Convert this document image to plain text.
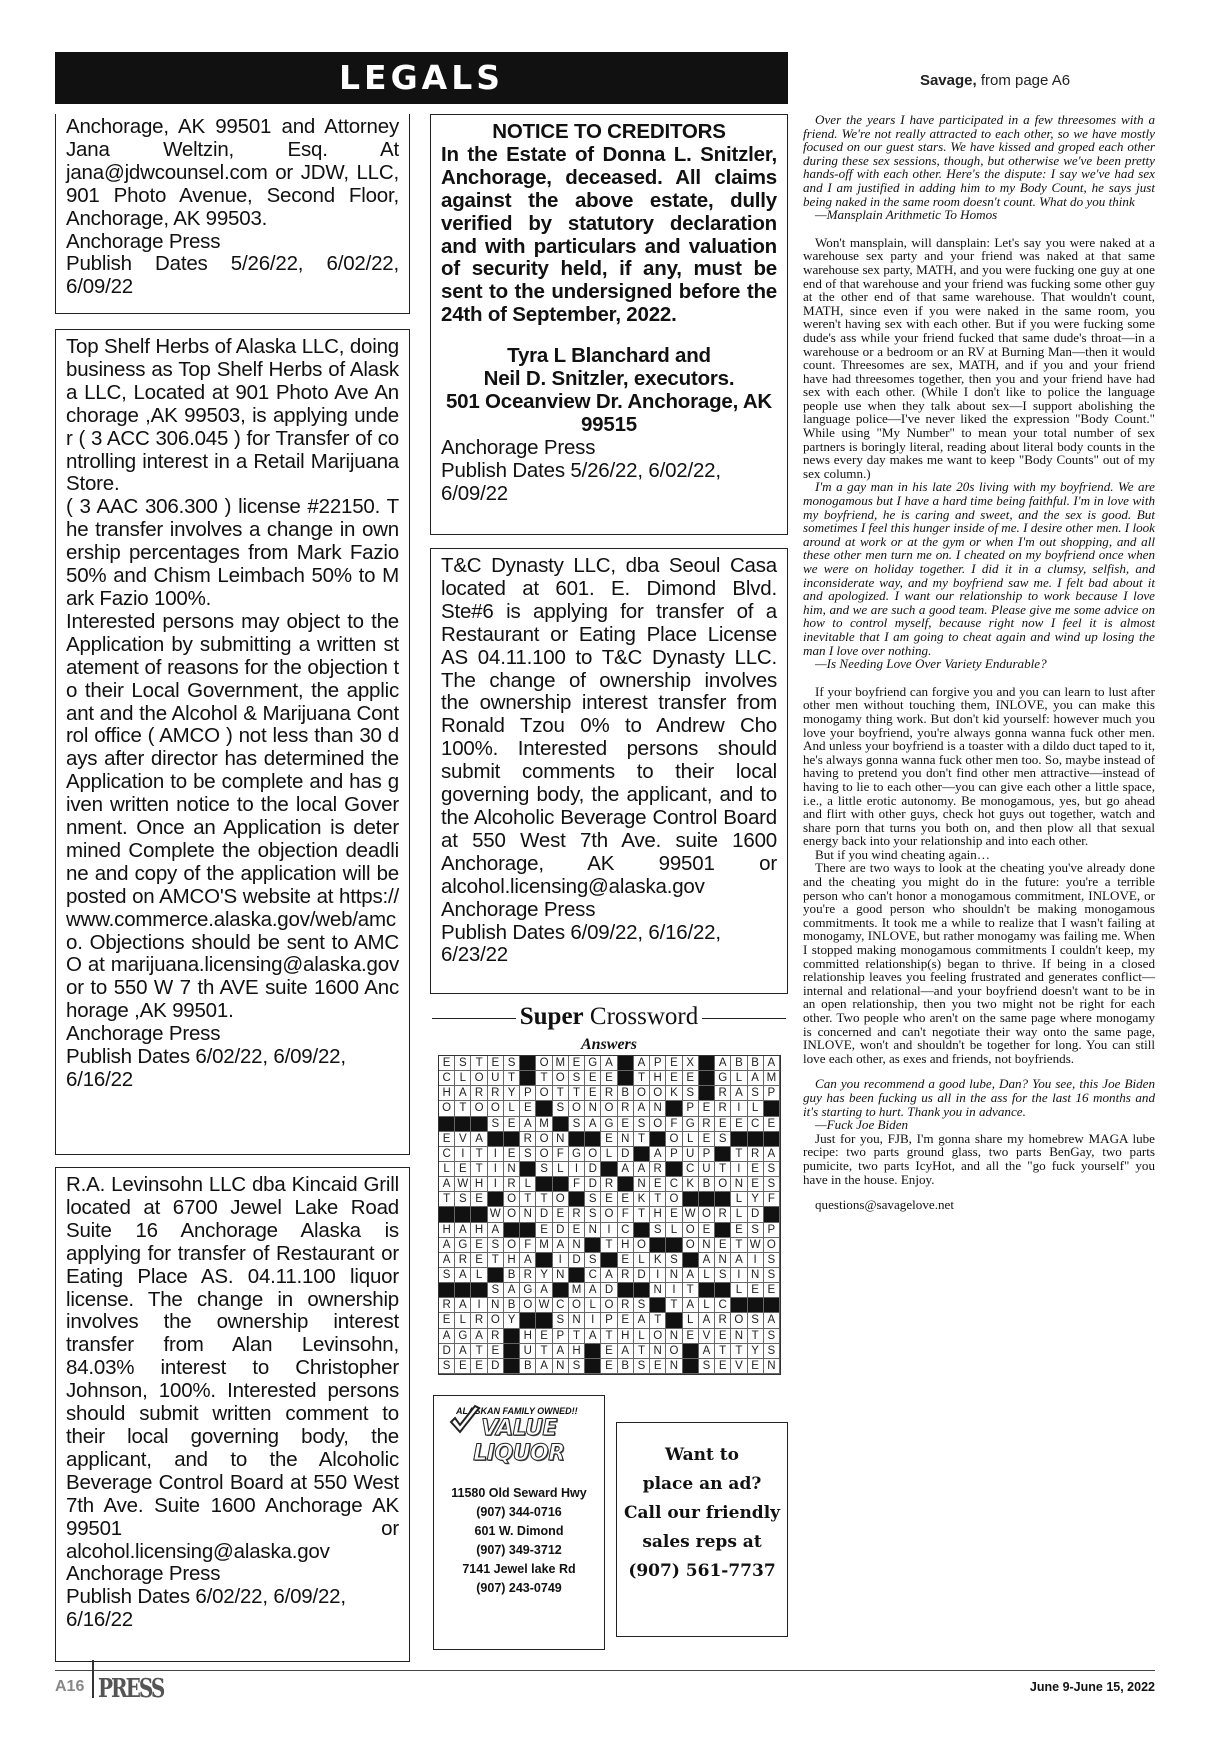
LEGALS	Savage, from page A6
Anchorage, AK 99501 and Attorney Jana Weltzin, Esq. At jana@jdwcounsel.com or JDW, LLC, 901 Photo Avenue, Second Floor, Anchorage, AK 99503.
Anchorage Press
Publish Dates 5/26/22, 6/02/22, 6/09/22
Top Shelf Herbs of Alaska LLC, doing business as Top Shelf Herbs of Alaska LLC, Located at 901 Photo Ave Anchorage ,AK 99503, is applying under ( 3 ACC 306.045 ) for Transfer of controlling interest in a Retail Marijuana Store.
( 3 AAC 306.300 ) license #22150. The transfer involves a change in ownership percentages from Mark Fazio 50% and Chism Leimbach 50% to Mark Fazio 100%.
Interested persons may object to the Application by submitting a written statement of reasons for the objection to their Local Government, the applicant and the Alcohol & Marijuana Control office ( AMCO ) not less than 30 days after director has determined the Application to be complete and has given written notice to the local Government. Once an Application is determined Complete the objection deadline and copy of the application will be posted on AMCO'S website at https://www.commerce.alaska.gov/web/amco. Objections should be sent to AMCO at marijuana.licensing@alaska.gov or to 550 W 7 th AVE suite 1600 Anchorage ,AK 99501.
Anchorage Press
Publish Dates 6/02/22, 6/09/22, 6/16/22
R.A. Levinsohn LLC dba Kincaid Grill located at 6700 Jewel Lake Road Suite 16 Anchorage Alaska is applying for transfer of Restaurant or Eating Place AS. 04.11.100 liquor license. The change in ownership involves the ownership interest transfer from Alan Levinsohn, 84.03% interest to Christopher Johnson, 100%. Interested persons should submit written comment to their local governing body, the applicant, and to the Alcoholic Beverage Control Board at 550 West 7th Ave. Suite 1600 Anchorage AK 99501 or alcohol.licensing@alaska.gov
Anchorage Press
Publish Dates 6/02/22, 6/09/22, 6/16/22
NOTICE TO CREDITORS
In the Estate of Donna L. Snitzler, Anchorage, deceased. All claims against the above estate, dully verified by statutory declaration and with particulars and valuation of security held, if any, must be sent to the undersigned before the 24th of September, 2022.
Tyra L Blanchard and
Neil D. Snitzler, executors.
501 Oceanview Dr. Anchorage, AK 99515
Anchorage Press
Publish Dates 5/26/22, 6/02/22, 6/09/22
T&C Dynasty LLC, dba Seoul Casa located at 601. E. Dimond Blvd. Ste#6 is applying for transfer of a Restaurant or Eating Place License AS 04.11.100 to T&C Dynasty LLC. The change of ownership involves the ownership interest transfer from Ronald Tzou 0% to Andrew Cho 100%. Interested persons should submit comments to their local governing body, the applicant, and to the Alcoholic Beverage Control Board at 550 West 7th Ave. suite 1600 Anchorage, AK 99501 or alcohol.licensing@alaska.gov
Anchorage Press
Publish Dates 6/09/22, 6/16/22, 6/23/22
Super Crossword
Answers
E S T E S	O M E G A	A P E X	A B B A
C L O U T	T O S E E	T H E E	G L A M
H A R R Y P O T T E R B O O K S	R A S P
O T O O L E	S O N O R A N	P E R I L
S E A M	S A G E S O F G R E E C E
E V A	R O N	E N T	O L E S
C I T I E S O F G O L D	A P U P	T R A
L E T I N	S L I D	A A R	C U T I E S
A W H I R L	F D R	N E C K B O N E S
T S E	O T T O	S E E K T O	L Y F
W O N D E R S O F T H E W O R L D
H A H A	E D E N I C	S L O E	E S P
A G E S O F M A N	T H O	O N E T W O
A R E T H A	I D S	E L K S	A N A I S
S A L	B R Y N	C A R D I N A L S I N S
S A G A	M A D	N I T	L E E
R A I N B O W C O L O R S	T A L C
E L R O Y	S N I P E A T	L A R O S A
A G A R	H E P T A T H L O N E V E N T S
D A T E	U T A H	E A T N O	A T T Y S
S E E D	B A N S	E B S E N	S E V E N
ALASKAN FAMILY OWNED!!
VALUE LIQUOR
11580 Old Seward Hwy
(907) 344-0716
601 W. Dimond
(907) 349-3712
7141 Jewel lake Rd
(907) 243-0749
Want to
place an ad?
Call our friendly
sales reps at
(907) 561-7737

Over the years I have participated in a few threesomes with a friend. We're not really attracted to each other, so we have mostly focused on our guest stars. We have kissed and groped each other during these sex sessions, though, but otherwise we've been pretty hands-off with each other. Here's the dispute: I say we've had sex and I am justified in adding him to my Body Count, he says just being naked in the same room doesn't count. What do you think

—Mansplain Arithmetic To Homos

Won't mansplain, will dansplain: Let's say you were naked at a warehouse sex party and your friend was naked at that same warehouse sex party, MATH, and you were fucking one guy at one end of that warehouse and your friend was fucking some other guy at the other end of that same warehouse. That wouldn't count, MATH, since even if you were naked in the same room, you weren't having sex with each other. But if you were fucking some dude's ass while your friend fucked that same dude's throat—in a warehouse or a bedroom or an RV at Burning Man—then it would count. Threesomes are sex, MATH, and if you and your friend have had threesomes together, then you and your friend have had sex with each other. (While I don't like to police the language people use when they talk about sex—I support abolishing the language police—I've never liked the expression "Body Count." While using "My Number" to mean your total number of sex partners is boringly literal, reading about literal body counts in the news every day makes me want to keep "Body Counts" out of my sex column.)

I'm a gay man in his late 20s living with my boyfriend. We are monogamous but I have a hard time being faithful. I'm in love with my boyfriend, he is caring and sweet, and the sex is good. But sometimes I feel this hunger inside of me. I desire other men. I look around at work or at the gym or when I'm out shopping, and all these other men turn me on. I cheated on my boyfriend once when we were on holiday together. I did it in a clumsy, selfish, and inconsiderate way, and my boyfriend saw me. I felt bad about it and apologized. I want our relationship to work because I love him, and we are such a good team. Please give me some advice on how to control myself, because right now I feel it is almost inevitable that I am going to cheat again and wind up losing the man I love over nothing.

—Is Needing Love Over Variety Endurable?

If your boyfriend can forgive you and you can learn to lust after other men without touching them, INLOVE, you can make this monogamy thing work. But don't kid yourself: however much you love your boyfriend, you're always gonna wanna fuck other men. And unless your boyfriend is a toaster with a dildo duct taped to it, he's always gonna wanna fuck other men too. So, maybe instead of having to pretend you don't find other men attractive—instead of having to lie to each other—you can give each other a little space, i.e., a little erotic autonomy. Be monogamous, yes, but go ahead and flirt with other guys, check hot guys out together, watch and share porn that turns you both on, and then plow all that sexual energy back into your relationship and into each other.

But if you wind cheating again…

There are two ways to look at the cheating you've already done and the cheating you might do in the future: you're a terrible person who can't honor a monogamous commitment, INLOVE, or you're a good person who shouldn't be making monogamous commitments. It took me a while to realize that I wasn't failing at monogamy, INLOVE, but rather monogamy was failing me. When I stopped making monogamous commitments I couldn't keep, my committed relationship(s) began to thrive. If being in a closed relationship leaves you feeling frustrated and generates conflict—internal and relational—and your boyfriend doesn't want to be in an open relationship, then you two might not be right for each other. Two people who aren't on the same page where monogamy is concerned and can't negotiate their way onto the same page, INLOVE, won't and shouldn't be together for long. You can still love each other, as exes and friends, not boyfriends.

Can you recommend a good lube, Dan? You see, this Joe Biden guy has been fucking us all in the ass for the last 16 months and it's starting to hurt. Thank you in advance.

—Fuck Joe Biden

Just for you, FJB, I'm gonna share my homebrew MAGA lube recipe: two parts ground glass, two parts BenGay, two parts pumicite, two parts IcyHot, and all the "go fuck yourself" you have in the house. Enjoy.

questions@savagelove.net

A16 PRESS	June 9-June 15, 2022
